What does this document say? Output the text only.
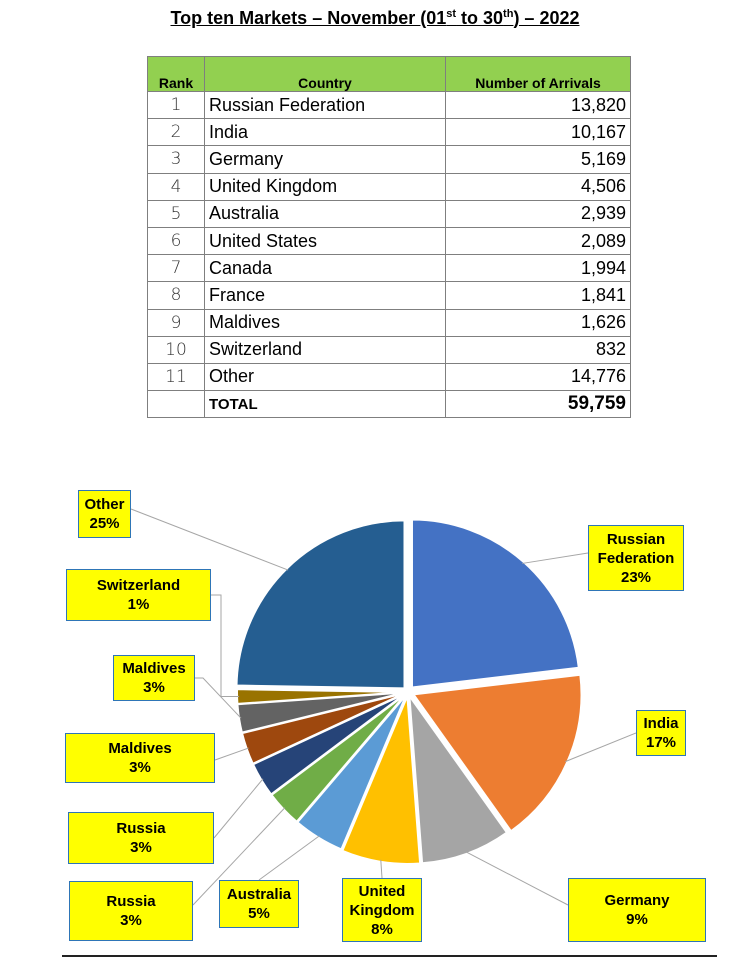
Top ten Markets – November (01st to 30th) – 2022
Rank	Country	Number of Arrivals
1	Russian Federation	13,820
2	India	10,167
3	Germany	5,169
4	United Kingdom	4,506
5	Australia	2,939
6	United States	2,089
7	Canada	1,994
8	France	1,841
9	Maldives	1,626
10	Switzerland	832
11	Other	14,776
	TOTAL	59,759
Russian Federation
23%
India
17%
Germany
9%
United Kingdom
8%
Australia
5%
Russia
3%
Russia
3%
Maldives
3%
Maldives
3%
Switzerland
1%
Other
25%
